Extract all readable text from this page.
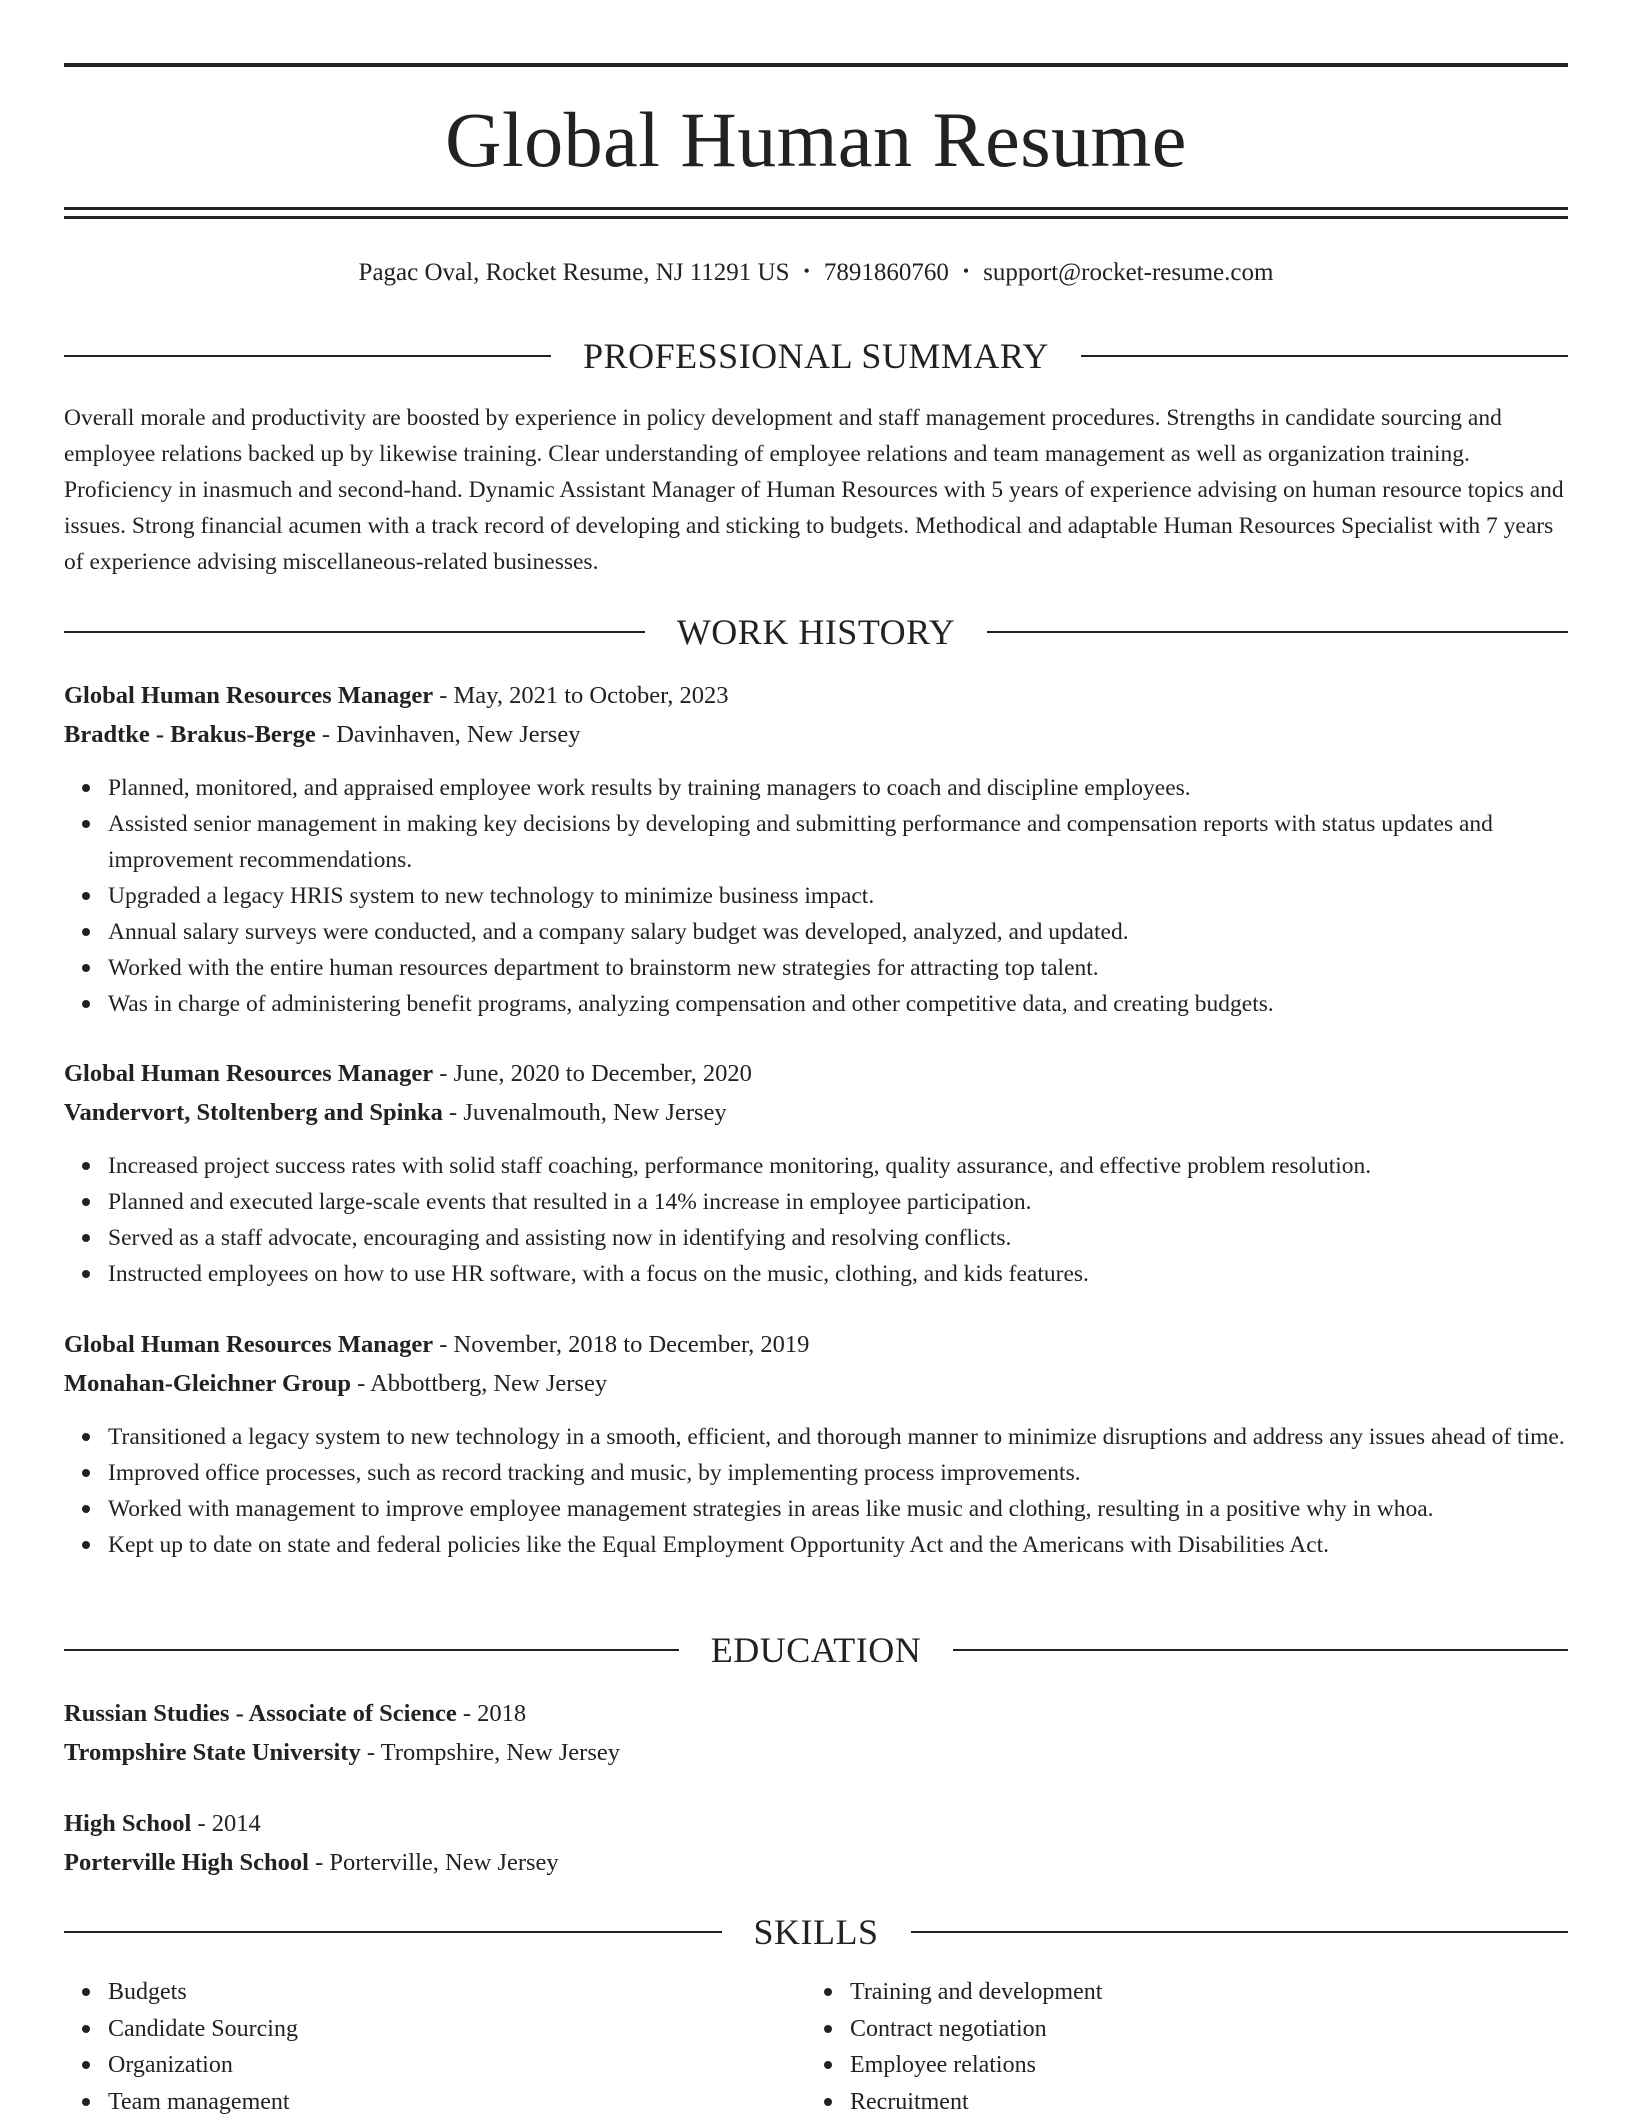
Global Human Resume
Pagac Oval, Rocket Resume, NJ 11291 US • 7891860760 • support@rocket-resume.com
PROFESSIONAL SUMMARY
Overall morale and productivity are boosted by experience in policy development and staff management procedures. Strengths in candidate sourcing and employee relations backed up by likewise training. Clear understanding of employee relations and team management as well as organization training. Proficiency in inasmuch and second-hand. Dynamic Assistant Manager of Human Resources with 5 years of experience advising on human resource topics and issues. Strong financial acumen with a track record of developing and sticking to budgets. Methodical and adaptable Human Resources Specialist with 7 years of experience advising miscellaneous-related businesses.
WORK HISTORY
Global Human Resources Manager - May, 2021 to October, 2023
Bradtke - Brakus-Berge - Davinhaven, New Jersey
Planned, monitored, and appraised employee work results by training managers to coach and discipline employees.
Assisted senior management in making key decisions by developing and submitting performance and compensation reports with status updates and improvement recommendations.
Upgraded a legacy HRIS system to new technology to minimize business impact.
Annual salary surveys were conducted, and a company salary budget was developed, analyzed, and updated.
Worked with the entire human resources department to brainstorm new strategies for attracting top talent.
Was in charge of administering benefit programs, analyzing compensation and other competitive data, and creating budgets.
Global Human Resources Manager - June, 2020 to December, 2020
Vandervort, Stoltenberg and Spinka - Juvenalmouth, New Jersey
Increased project success rates with solid staff coaching, performance monitoring, quality assurance, and effective problem resolution.
Planned and executed large-scale events that resulted in a 14% increase in employee participation.
Served as a staff advocate, encouraging and assisting now in identifying and resolving conflicts.
Instructed employees on how to use HR software, with a focus on the music, clothing, and kids features.
Global Human Resources Manager - November, 2018 to December, 2019
Monahan-Gleichner Group - Abbottberg, New Jersey
Transitioned a legacy system to new technology in a smooth, efficient, and thorough manner to minimize disruptions and address any issues ahead of time.
Improved office processes, such as record tracking and music, by implementing process improvements.
Worked with management to improve employee management strategies in areas like music and clothing, resulting in a positive why in whoa.
Kept up to date on state and federal policies like the Equal Employment Opportunity Act and the Americans with Disabilities Act.
EDUCATION
Russian Studies - Associate of Science - 2018
Trompshire State University - Trompshire, New Jersey
High School - 2014
Porterville High School - Porterville, New Jersey
SKILLS
Budgets
Candidate Sourcing
Organization
Team management
Training and development
Contract negotiation
Employee relations
Recruitment
